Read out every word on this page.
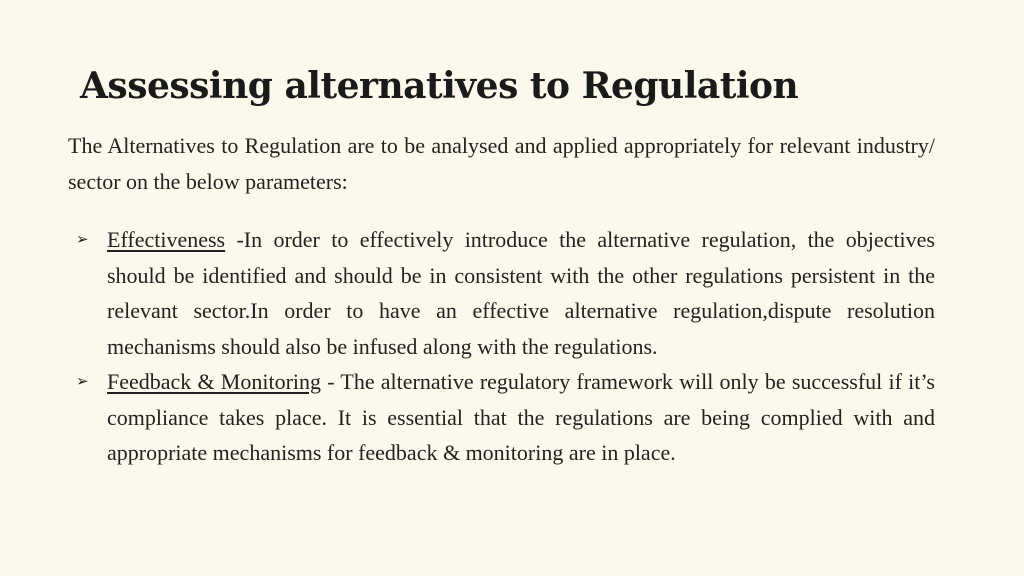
Assessing alternatives to Regulation

The Alternatives to Regulation are to be analysed and applied appropriately for relevant industry/ sector on the below parameters:

➢ Effectiveness -In order to effectively introduce the alternative regulation, the objectives should be identified and should be in consistent with the other regulations persistent in the relevant sector.In order to have an effective alternative regulation,dispute resolution mechanisms should also be infused along with the regulations.
➢ Feedback & Monitoring - The alternative regulatory framework will only be successful if it’s compliance takes place. It is essential that the regulations are being complied with and appropriate mechanisms for feedback & monitoring are in place.
